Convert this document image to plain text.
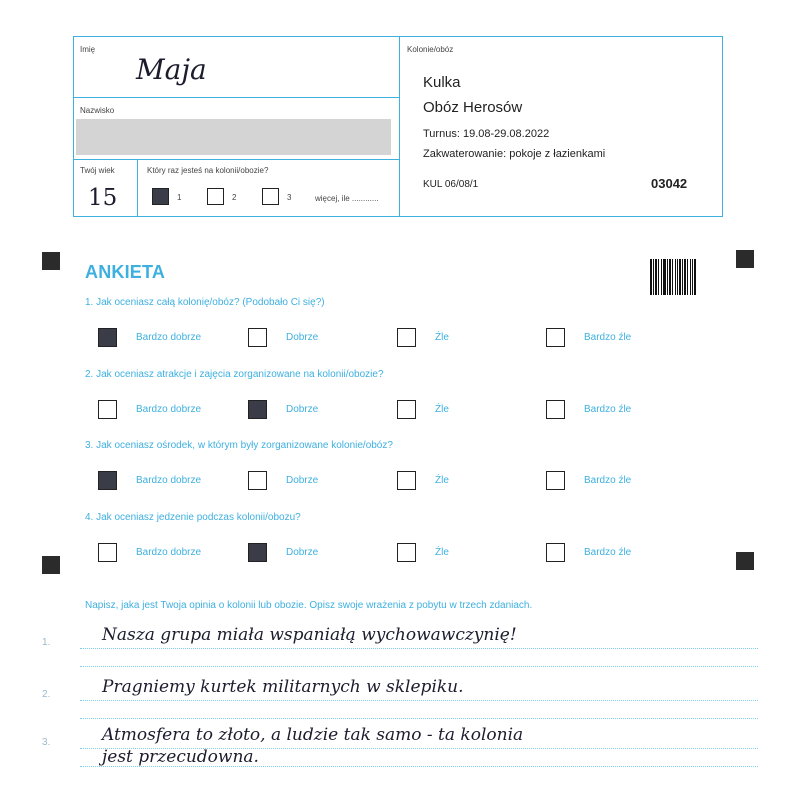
Imię
Maja
Nazwisko
Twój wiek
15
Który raz jesteś na kolonii/obozie?
1	2	3	więcej, ile ............
Kolonie/obóz
Kulka
Obóz Herosów
Turnus: 19.08-29.08.2022
Zakwaterowanie: pokoje z łazienkami
KUL 06/08/1	03042
ANKIETA
1. Jak oceniasz całą kolonię/obóz? (Podobało Ci się?)
Bardzo dobrze	Dobrze	Źle	Bardzo źle
2. Jak oceniasz atrakcje i zajęcia zorganizowane na kolonii/obozie?
Bardzo dobrze	Dobrze	Źle	Bardzo źle
3. Jak oceniasz ośrodek, w którym były zorganizowane kolonie/obóz?
Bardzo dobrze	Dobrze	Źle	Bardzo źle
4. Jak oceniasz jedzenie podczas kolonii/obozu?
Bardzo dobrze	Dobrze	Źle	Bardzo źle
Napisz, jaka jest Twoja opinia o kolonii lub obozie. Opisz swoje wrażenia z pobytu w trzech zdaniach.
1.	Nasza grupa miała wspaniałą wychowawczynię!
2.	Pragniemy kurtek militarnych w sklepiku.
3.	Atmosfera to złoto, a ludzie tak samo - ta kolonia
jest przecudowna.
